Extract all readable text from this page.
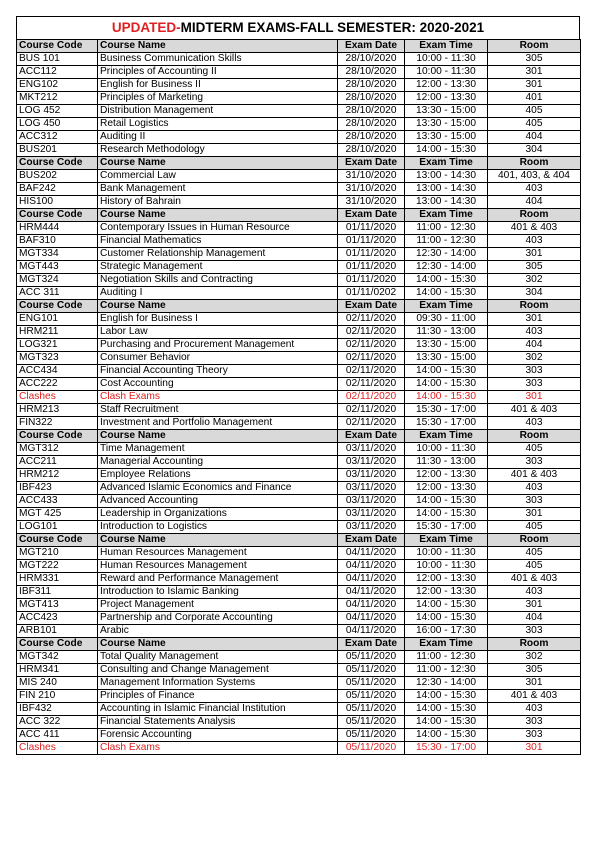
UPDATED-MIDTERM EXAMS-FALL SEMESTER: 2020-2021
Course Code	Course Name	Exam Date	Exam Time	Room
BUS 101	Business Communication Skills	28/10/2020	10:00 - 11:30	305
ACC112	Principles of Accounting II	28/10/2020	10:00 - 11:30	301
ENG102	English for Business II	28/10/2020	12:00 - 13:30	301
MKT212	Principles of Marketing	28/10/2020	12:00 - 13:30	401
LOG 452	Distribution Management	28/10/2020	13:30 - 15:00	405
LOG 450	Retail Logistics	28/10/2020	13:30 - 15:00	405
ACC312	Auditing II	28/10/2020	13:30 - 15:00	404
BUS201	Research Methodology	28/10/2020	14:00 - 15:30	304
Course Code	Course Name	Exam Date	Exam Time	Room
BUS202	Commercial Law	31/10/2020	13:00 - 14:30	401, 403, & 404
BAF242	Bank Management	31/10/2020	13:00 - 14:30	403
HIS100	History of Bahrain	31/10/2020	13:00 - 14:30	404
Course Code	Course Name	Exam Date	Exam Time	Room
HRM444	Contemporary Issues in Human Resource	01/11/2020	11:00 - 12:30	401 & 403
BAF310	Financial Mathematics	01/11/2020	11:00 - 12:30	403
MGT334	Customer Relationship Management	01/11/2020	12:30 - 14:00	301
MGT443	Strategic Management	01/11/2020	12:30 - 14:00	305
MGT324	Negotiation Skills and Contracting	01/11/2020	14:00 - 15:30	302
ACC 311	Auditing I	01/11/0202	14:00 - 15:30	304
Course Code	Course Name	Exam Date	Exam Time	Room
ENG101	English for Business I	02/11/2020	09:30 - 11:00	301
HRM211	Labor Law	02/11/2020	11:30 - 13:00	403
LOG321	Purchasing and Procurement Management	02/11/2020	13:30 - 15:00	404
MGT323	Consumer Behavior	02/11/2020	13:30 - 15:00	302
ACC434	Financial Accounting Theory	02/11/2020	14:00 - 15:30	303
ACC222	Cost Accounting	02/11/2020	14:00 - 15:30	303
Clashes	Clash Exams	02/11/2020	14:00 - 15:30	301
HRM213	Staff Recruitment	02/11/2020	15:30 - 17:00	401 & 403
FIN322	Investment and Portfolio Management	02/11/2020	15:30 - 17:00	403
Course Code	Course Name	Exam Date	Exam Time	Room
MGT312	Time Management	03/11/2020	10:00 - 11:30	405
ACC211	Managerial Accounting	03/11/2020	11:30 - 13:00	303
HRM212	Employee Relations	03/11/2020	12:00 - 13:30	401 & 403
IBF423	Advanced Islamic Economics and Finance	03/11/2020	12:00 - 13:30	403
ACC433	Advanced Accounting	03/11/2020	14:00 - 15:30	303
MGT 425	Leadership in Organizations	03/11/2020	14:00 - 15:30	301
LOG101	Introduction to Logistics	03/11/2020	15:30 - 17:00	405
Course Code	Course Name	Exam Date	Exam Time	Room
MGT210	Human Resources Management	04/11/2020	10:00 - 11:30	405
MGT222	Human Resources Management	04/11/2020	10:00 - 11:30	405
HRM331	Reward and Performance Management	04/11/2020	12:00 - 13:30	401 & 403
IBF311	Introduction to Islamic Banking	04/11/2020	12:00 - 13:30	403
MGT413	Project Management	04/11/2020	14:00 - 15:30	301
ACC423	Partnership and Corporate Accounting	04/11/2020	14:00 - 15:30	404
ARB101	Arabic	04/11/2020	16:00 - 17:30	303
Course Code	Course Name	Exam Date	Exam Time	Room
MGT342	Total Quality Management	05/11/2020	11:00 - 12:30	302
HRM341	Consulting and Change Management	05/11/2020	11:00 - 12:30	305
MIS 240	Management Information Systems	05/11/2020	12:30 - 14:00	301
FIN 210	Principles of Finance	05/11/2020	14:00 - 15:30	401 & 403
IBF432	Accounting in Islamic Financial Institution	05/11/2020	14:00 - 15:30	403
ACC 322	Financial Statements Analysis	05/11/2020	14:00 - 15:30	303
ACC 411	Forensic Accounting	05/11/2020	14:00 - 15:30	303
Clashes	Clash Exams	05/11/2020	15:30 - 17:00	301
